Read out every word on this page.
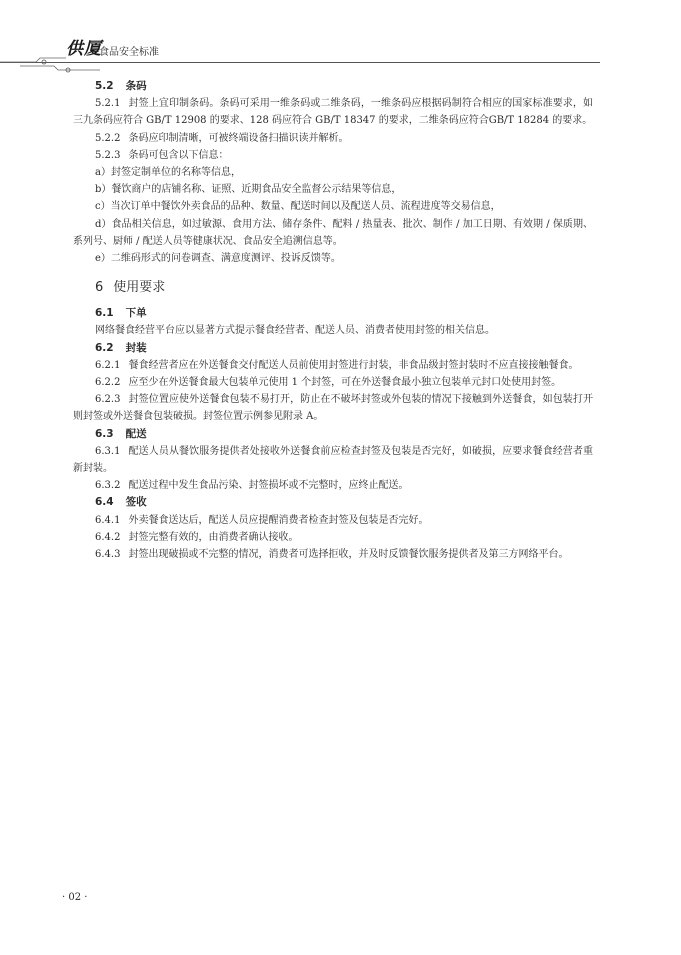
供厦
食品安全标准
5.2 条码
5.2.1 封签上宜印制条码。条码可采用一维条码或二维条码，一维条码应根据码制符合相应的国家标准要求，如三九条码应符合 GB/T 12908 的要求、128 码应符合 GB/T 18347 的要求，二维条码应符合GB/T 18284 的要求。
5.2.2 条码应印制清晰，可被终端设备扫描识读并解析。
5.2.3 条码可包含以下信息：
a）封签定制单位的名称等信息，
b）餐饮商户的店铺名称、证照、近期食品安全监督公示结果等信息，
c）当次订单中餐饮外卖食品的品种、数量、配送时间以及配送人员、流程进度等交易信息，
d）食品相关信息，如过敏源、食用方法、储存条件、配料 / 热量表、批次、制作 / 加工日期、有效期 / 保质期、系列号、厨师 / 配送人员等健康状况、食品安全追溯信息等。
e）二维码形式的问卷调查、满意度测评、投诉反馈等。
6 使用要求
6.1 下单
网络餐食经营平台应以显著方式提示餐食经营者、配送人员、消费者使用封签的相关信息。
6.2 封装
6.2.1 餐食经营者应在外送餐食交付配送人员前使用封签进行封装，非食品级封签封装时不应直接接触餐食。
6.2.2 应至少在外送餐食最大包装单元使用 1 个封签，可在外送餐食最小独立包装单元封口处使用封签。
6.2.3 封签位置应使外送餐食包装不易打开，防止在不破坏封签或外包装的情况下接触到外送餐食，如包装打开则封签或外送餐食包装破损。封签位置示例参见附录 A。
6.3 配送
6.3.1 配送人员从餐饮服务提供者处接收外送餐食前应检查封签及包装是否完好，如破损，应要求餐食经营者重新封装。
6.3.2 配送过程中发生食品污染、封签损坏或不完整时，应终止配送。
6.4 签收
6.4.1 外卖餐食送达后，配送人员应提醒消费者检查封签及包装是否完好。
6.4.2 封签完整有效的，由消费者确认接收。
6.4.3 封签出现破损或不完整的情况，消费者可选择拒收，并及时反馈餐饮服务提供者及第三方网络平台。
· 02 ·
